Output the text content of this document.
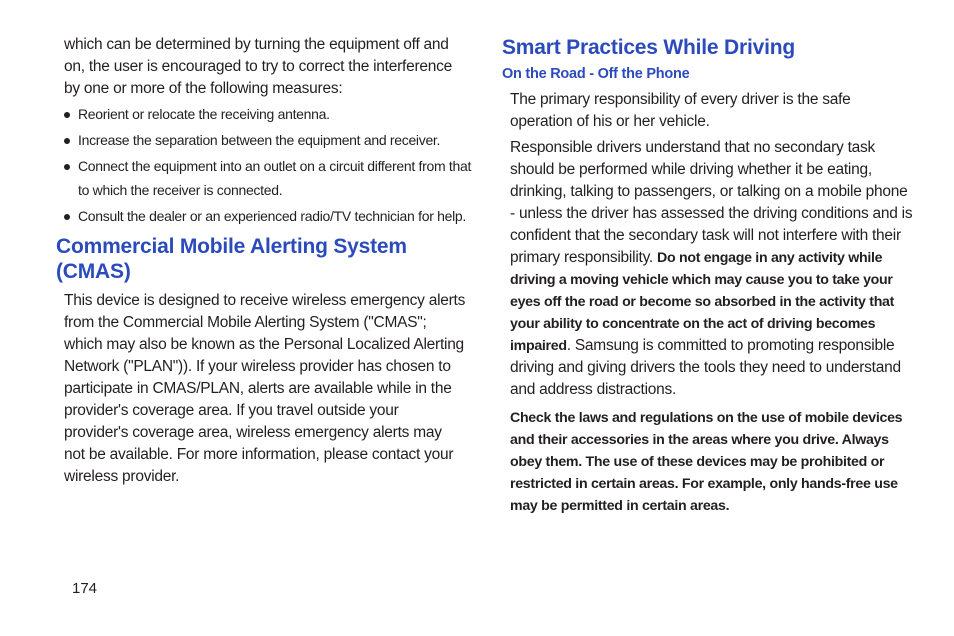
which can be determined by turning the equipment off and on, the user is encouraged to try to correct the interference by one or more of the following measures:

Reorient or relocate the receiving antenna.
Increase the separation between the equipment and receiver.
Connect the equipment into an outlet on a circuit different from that to which the receiver is connected.
Consult the dealer or an experienced radio/TV technician for help.
Commercial Mobile Alerting System (CMAS)

This device is designed to receive wireless emergency alerts from the Commercial Mobile Alerting System ("CMAS"; which may also be known as the Personal Localized Alerting Network ("PLAN")). If your wireless provider has chosen to participate in CMAS/PLAN, alerts are available while in the provider's coverage area. If you travel outside your provider's coverage area, wireless emergency alerts may not be available. For more information, please contact your wireless provider.

Smart Practices While Driving
On the Road - Off the Phone

The primary responsibility of every driver is the safe operation of his or her vehicle.

Responsible drivers understand that no secondary task should be performed while driving whether it be eating, drinking, talking to passengers, or talking on a mobile phone - unless the driver has assessed the driving conditions and is confident that the secondary task will not interfere with their primary responsibility. Do not engage in any activity while driving a moving vehicle which may cause you to take your eyes off the road or become so absorbed in the activity that your ability to concentrate on the act of driving becomes impaired. Samsung is committed to promoting responsible driving and giving drivers the tools they need to understand and address distractions.

Check the laws and regulations on the use of mobile devices and their accessories in the areas where you drive. Always obey them. The use of these devices may be prohibited or restricted in certain areas. For example, only hands-free use may be permitted in certain areas.

174
